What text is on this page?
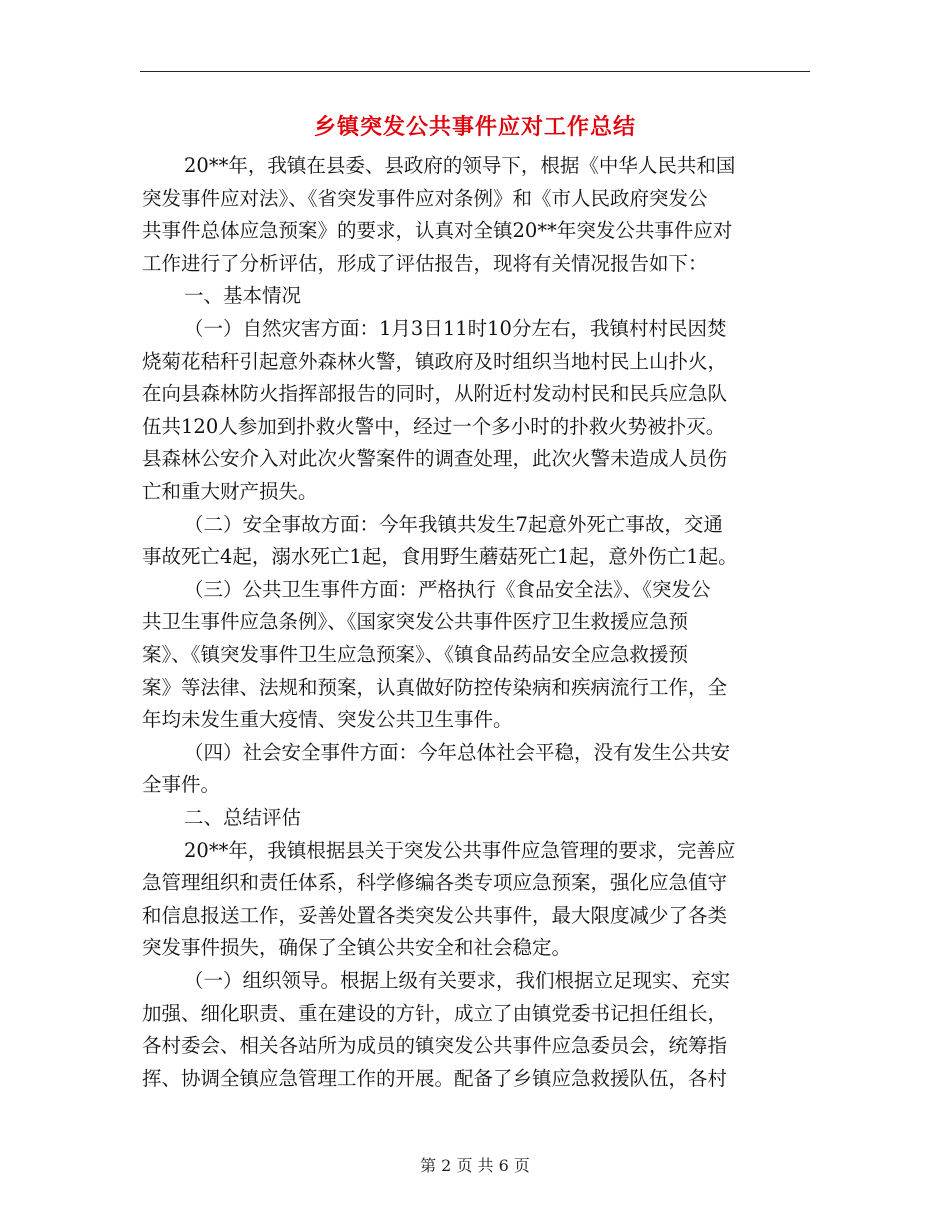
乡镇突发公共事件应对工作总结
20**年，我镇在县委、县政府的领导下，根据《中华人民共和国
突发事件应对法》、《省突发事件应对条例》和《市人民政府突发公
共事件总体应急预案》的要求，认真对全镇20**年突发公共事件应对
工作进行了分析评估，形成了评估报告，现将有关情况报告如下：
一、基本情况
（一）自然灾害方面：1月3日11时10分左右，我镇村村民因焚
烧菊花秸秆引起意外森林火警，镇政府及时组织当地村民上山扑火，
在向县森林防火指挥部报告的同时，从附近村发动村民和民兵应急队
伍共120人参加到扑救火警中，经过一个多小时的扑救火势被扑灭。
县森林公安介入对此次火警案件的调查处理，此次火警未造成人员伤
亡和重大财产损失。
（二）安全事故方面：今年我镇共发生7起意外死亡事故，交通
事故死亡4起，溺水死亡1起，食用野生蘑菇死亡1起，意外伤亡1起。
（三）公共卫生事件方面：严格执行《食品安全法》、《突发公
共卫生事件应急条例》、《国家突发公共事件医疗卫生救援应急预
案》、《镇突发事件卫生应急预案》、《镇食品药品安全应急救援预
案》等法律、法规和预案，认真做好防控传染病和疾病流行工作，全
年均未发生重大疫情、突发公共卫生事件。
（四）社会安全事件方面：今年总体社会平稳，没有发生公共安
全事件。
二、总结评估
20**年，我镇根据县关于突发公共事件应急管理的要求，完善应
急管理组织和责任体系，科学修编各类专项应急预案，强化应急值守
和信息报送工作，妥善处置各类突发公共事件，最大限度减少了各类
突发事件损失，确保了全镇公共安全和社会稳定。
（一）组织领导。根据上级有关要求，我们根据立足现实、充实
加强、细化职责、重在建设的方针，成立了由镇党委书记担任组长，
各村委会、相关各站所为成员的镇突发公共事件应急委员会，统筹指
挥、协调全镇应急管理工作的开展。配备了乡镇应急救援队伍，各村
第 2 页 共 6 页
